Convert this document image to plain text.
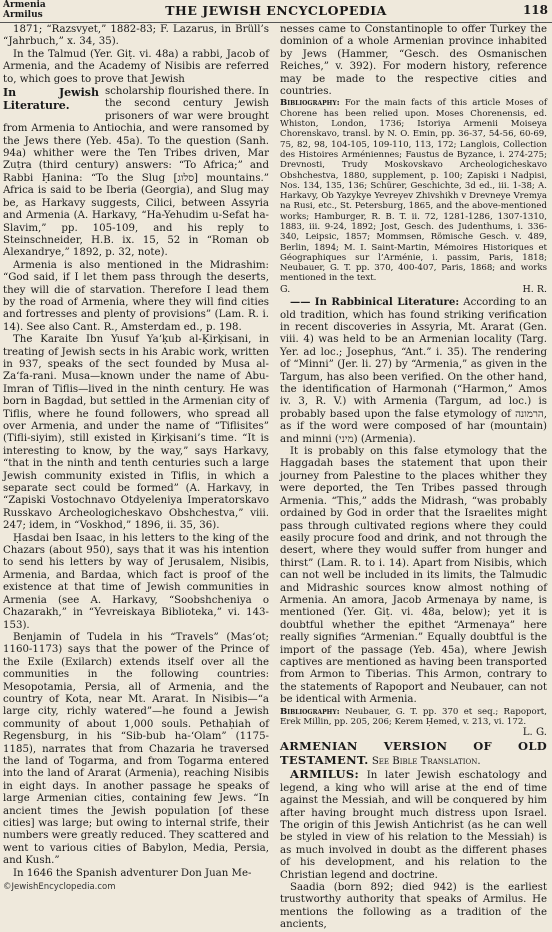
Armenia
Armilus	THE JEWISH ENCYCLOPEDIA	118

1871; “Razsvyet,” 1882-83; F. Lazarus, in Brüll’s “Jahrbuch,” x. 34, 35).

In the Talmud (Yer. Giṭ. vi. 48a) a rabbi, Jacob of Armenia, and the Academy of Nisibis are referred to, which goes to prove that Jewish

In Jewish Literature.

scholarship flourished there. In the second century Jewish prisoners of war were brought from Armenia to Antiochia, and were ransomed by the Jews there (Yeb. 45a). To the question (Sanh. 94a) whither were the Ten Tribes driven, Mar Zuṭra (third century) answers: “To Africa;” and Rabbi Ḥanina: “To the Slug [סלוג] mountains.” Africa is said to be Iberia (Georgia), and Slug may be, as Harkavy suggests, Cilici, between Assyria and Armenia (A. Harkavy, “Ha-Yehudim u-Sefat ha-Slavim,” pp. 105-109, and his reply to Steinschneider, H.B. ix. 15, 52 in “Roman ob Alexandrye,” 1892, p. 32, note).

Armenia is also mentioned in the Midrashim: “God said, if I let them pass through the deserts, they will die of starvation. Therefore I lead them by the road of Armenia, where they will find cities and fortresses and plenty of provisions” (Lam. R. i. 14). See also Cant. R., Amsterdam ed., p. 198.

The Karaite Ibn Yusuf Ya‘ḳub al-Ḳirḳisani, in treating of Jewish sects in his Arabic work, written in 937, speaks of the sect founded by Musa al-Za‘fa-rani. Musa—known under the name of Abu-Imran of Tiflis—lived in the ninth century. He was born in Bagdad, but settled in the Armenian city of Tiflis, where he found followers, who spread all over Armenia, and under the name of “Tiflisites” (Tifli-siyim), still existed in Ḳirḳisani’s time. “It is interesting to know, by the way,” says Harkavy, “that in the ninth and tenth centuries such a large Jewish community existed in Tiflis, in which a separate sect could be formed” (A. Harkavy, in “Zapiski Vostochnavo Otdyeleniya Imperatorskavo Russkavo Archeologicheskavo Obshchestva,” viii. 247; idem, in “Voskhod,” 1896, ii. 35, 36).

Ḥasdai ben Isaac, in his letters to the king of the Chazars (about 950), says that it was his intention to send his letters by way of Jerusalem, Nisibis, Armenia, and Bardaa, which fact is proof of the existence at that time of Jewish communities in Armenia (see A. Harkavy, “Soobshcheniya o Chazarakh,” in “Yevreiskaya Biblioteka,” vi. 143-153).

Benjamin of Tudela in his “Travels” (Mas‘ot; 1160-1173) says that the power of the Prince of the Exile (Exilarch) extends itself over all the communities in the following countries: Mesopotamia, Persia, all of Armenia, and the country of Kota, near Mt. Ararat. In Nisibis—“a large city, richly watered”—he found a Jewish community of about 1,000 souls. Pethaḥiah of Regensburg, in his “Sib-bub ha-‘Olam” (1175-1185), narrates that from Chazaria he traversed the land of Togarma, and from Togarma entered into the land of Ararat (Armenia), reaching Nisibis in eight days. In another passage he speaks of large Armenian cities, containing few Jews. “In ancient times the Jewish population [of these cities] was large; but owing to internal strife, their numbers were greatly reduced. They scattered and went to various cities of Babylon, Media, Persia, and Kush.”

In 1646 the Spanish adventurer Don Juan Me-

nesses came to Constantinople to offer Turkey the dominion of a whole Armenian province inhabited by Jews (Hammer, “Gesch. des Osmanischen Reiches,” v. 392). For modern history, reference may be made to the respective cities and countries.

Bibliography: For the main facts of this article Moses of Chorene has been relied upon. Moses Chorenensis, ed. Whiston, London, 1736; Istoriya Armenii Moiseya Chorenskavo, transl. by N. O. Emin, pp. 36-37, 54-56, 60-69, 75, 82, 98, 104-105, 109-110, 113, 172; Langlois, Collection des Histoires Arméniennes; Faustus de Byzance, i. 274-275; Drevnosti, Trudy Moskovskavo Archeologicheskavo Obshchestva, 1880, supplement, p. 100; Zapiski i Nadpisi, Nos. 134, 135, 136; Schürer, Geschichte, 3d ed., iii. 1-38; A. Harkavy, Ob Yazykye Yevreyev Zhivshikh v Drevneye Vremya na Rusi, etc., St. Petersburg, 1865, and the above-mentioned works; Hamburger, R. B. T. ii. 72, 1281-1286, 1307-1310, 1883, iii. 9-24, 1892; Jost, Gesch. des Judenthums, i. 336-340, Leipsic, 1857; Mommsen, Römische Gesch. v. 489, Berlin, 1894; M. I. Saint-Martin, Mémoires Historiques et Géographiques sur l’Arménie, i. passim, Paris, 1818; Neubauer, G. T. pp. 370, 400-407, Paris, 1868; and works mentioned in the text.

G.	H. R.

—— In Rabbinical Literature: According to an old tradition, which has found striking verification in recent discoveries in Assyria, Mt. Ararat (Gen. viii. 4) was held to be an Armenian locality (Targ. Yer. ad loc.; Josephus, “Ant.” i. 35). The rendering of “Minni” (Jer. li. 27) by “Armenia,” as given in the Targum, has also been verified. On the other hand, the identification of Harmonah (“Harmon,” Amos iv. 3, R. V.) with Armenia (Targum, ad loc.) is probably based upon the false etymology of הרמונה, as if the word were composed of har (mountain) and minni (מיני) (Armenia).

It is probably on this false etymology that the Haggadah bases the statement that upon their journey from Palestine to the places whither they were deported, the Ten Tribes passed through Armenia. “This,” adds the Midrash, “was probably ordained by God in order that the Israelites might pass through cultivated regions where they could easily procure food and drink, and not through the desert, where they would suffer from hunger and thirst” (Lam. R. to i. 14). Apart from Nisibis, which can not well be included in its limits, the Talmudic and Midrashic sources know almost nothing of Armenia. An amora, Jacob Armenaya by name, is mentioned (Yer. Giṭ. vi. 48a, below); yet it is doubtful whether the epithet “Armenaya” here really signifies “Armenian.” Equally doubtful is the import of the passage (Yeb. 45a), where Jewish captives are mentioned as having been transported from Armon to Tiberias. This Armon, contrary to the statements of Rapoport and Neubauer, can not be identical with Armenia.

Bibliography: Neubauer, G. T. pp. 370 et seq.; Rapoport, Erek Millin, pp. 205, 206; Kerem Ḥemed, v. 213, vi. 172.

L. G.

ARMENIAN VERSION OF OLD TESTAMENT. See Bible Translation.

ARMILUS: In later Jewish eschatology and legend, a king who will arise at the end of time against the Messiah, and will be conquered by him after having brought much distress upon Israel. The origin of this Jewish Antichrist (as he can well be styled in view of his relation to the Messiah) is as much involved in doubt as the different phases of his development, and his relation to the Christian legend and doctrine.

Saadia (born 892; died 942) is the earliest trustworthy authority that speaks of Armilus. He mentions the following as a tradition of the ancients,

©JewishEncyclopedia.com
